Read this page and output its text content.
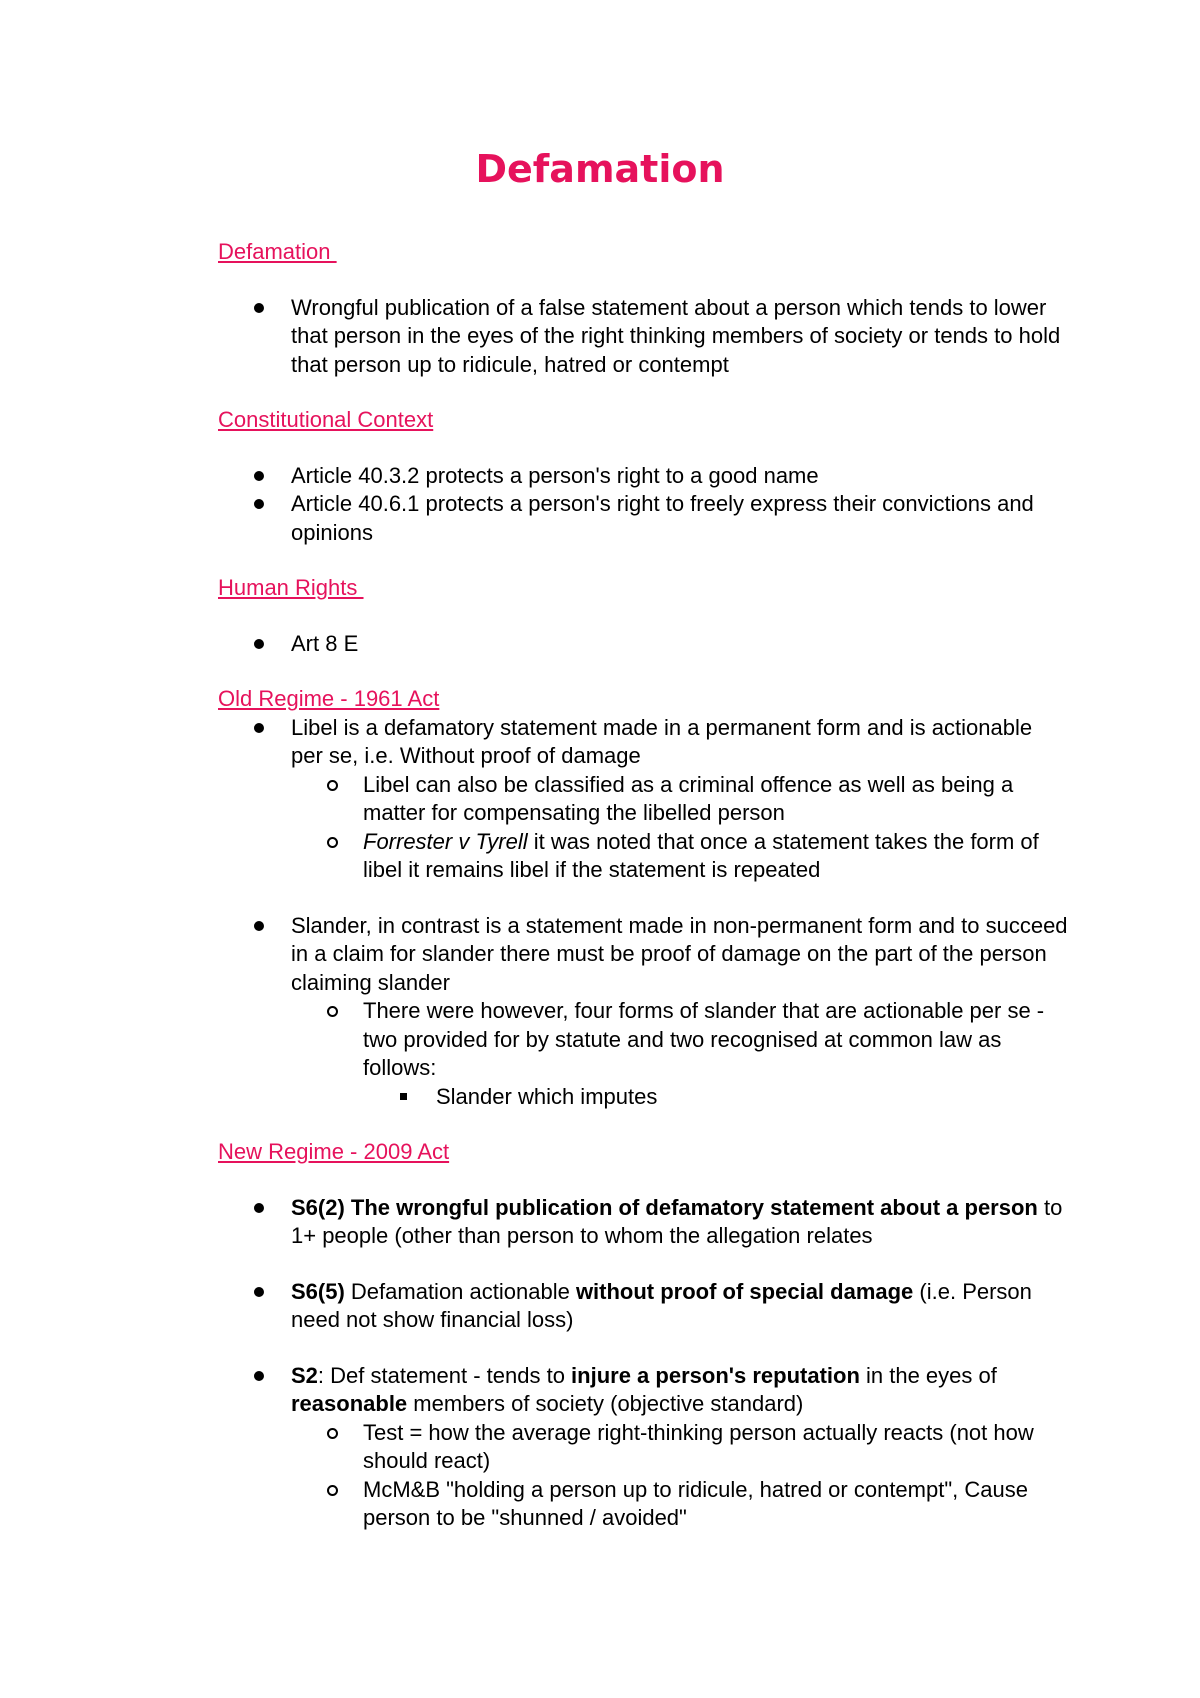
Defamation

Defamation

Wrongful publication of a false statement about a person which tends to lower that person in the eyes of the right thinking members of society or tends to hold that person up to ridicule, hatred or contempt

Constitutional Context

Article 40.3.2 protects a person's right to a good name
Article 40.6.1 protects a person's right to freely express their convictions and opinions

Human Rights

Art 8 E

Old Regime - 1961 Act

Libel is a defamatory statement made in a permanent form and is actionable per se, i.e. Without proof of damage
Libel can also be classified as a criminal offence as well as being a matter for compensating the libelled person
Forrester v Tyrell it was noted that once a statement takes the form of libel it remains libel if the statement is repeated
Slander, in contrast is a statement made in non-permanent form and to succeed in a claim for slander there must be proof of damage on the part of the person claiming slander
There were however, four forms of slander that are actionable per se - two provided for by statute and two recognised at common law as follows:
Slander which imputes

New Regime - 2009 Act

S6(2) The wrongful publication of defamatory statement about a person to 1+ people (other than person to whom the allegation relates
S6(5) Defamation actionable without proof of special damage (i.e. Person need not show financial loss)
S2: Def statement - tends to injure a person's reputation in the eyes of reasonable members of society (objective standard)
Test = how the average right-thinking person actually reacts (not how should react)
McM&B "holding a person up to ridicule, hatred or contempt", Cause person to be "shunned / avoided"
